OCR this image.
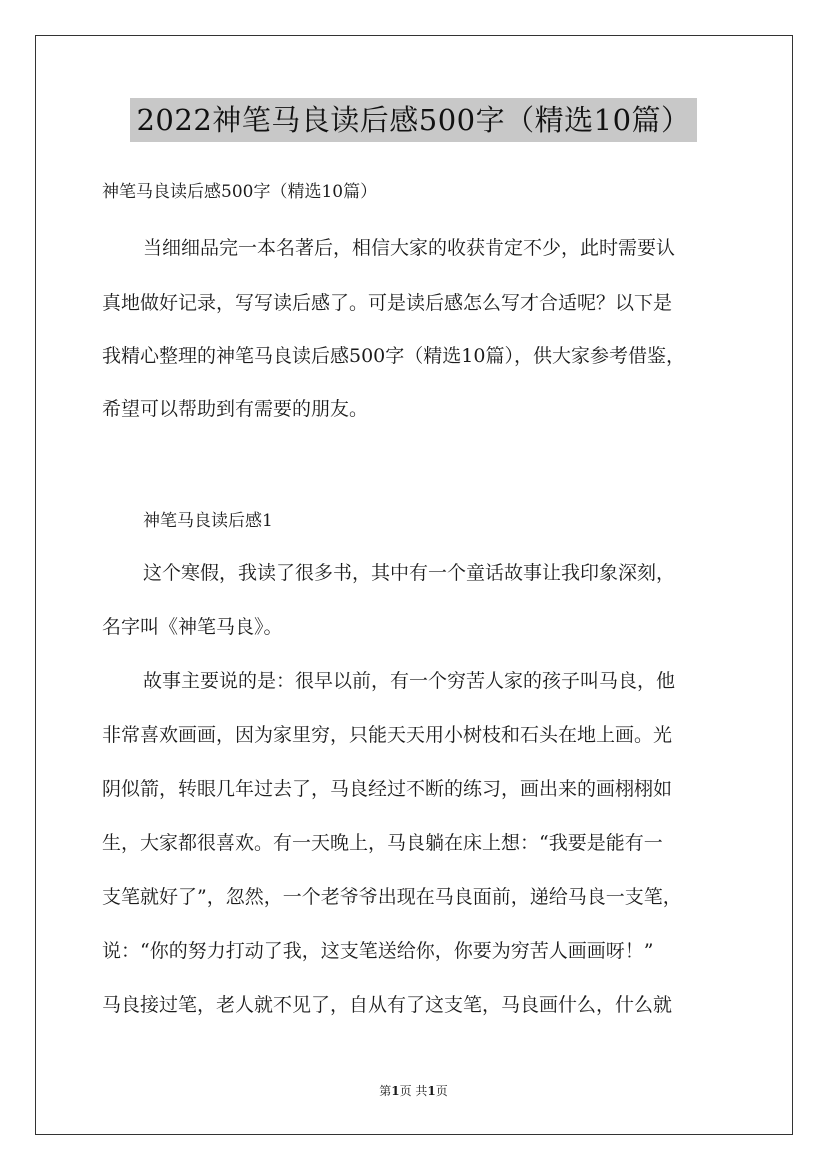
2022神笔马良读后感500字（精选10篇）
神笔马良读后感500字（精选10篇）
当细细品完一本名著后，相信大家的收获肯定不少，此时需要认
真地做好记录，写写读后感了。可是读后感怎么写才合适呢？以下是
我精心整理的神笔马良读后感500字（精选10篇），供大家参考借鉴，
希望可以帮助到有需要的朋友。
神笔马良读后感1
这个寒假，我读了很多书，其中有一个童话故事让我印象深刻，
名字叫《神笔马良》。
故事主要说的是：很早以前，有一个穷苦人家的孩子叫马良，他
非常喜欢画画，因为家里穷，只能天天用小树枝和石头在地上画。光
阴似箭，转眼几年过去了，马良经过不断的练习，画出来的画栩栩如
生，大家都很喜欢。有一天晚上，马良躺在床上想：“我要是能有一
支笔就好了”，忽然，一个老爷爷出现在马良面前，递给马良一支笔，
说：“你的努力打动了我，这支笔送给你，你要为穷苦人画画呀！”
马良接过笔，老人就不见了，自从有了这支笔，马良画什么，什么就
第1页 共1页
